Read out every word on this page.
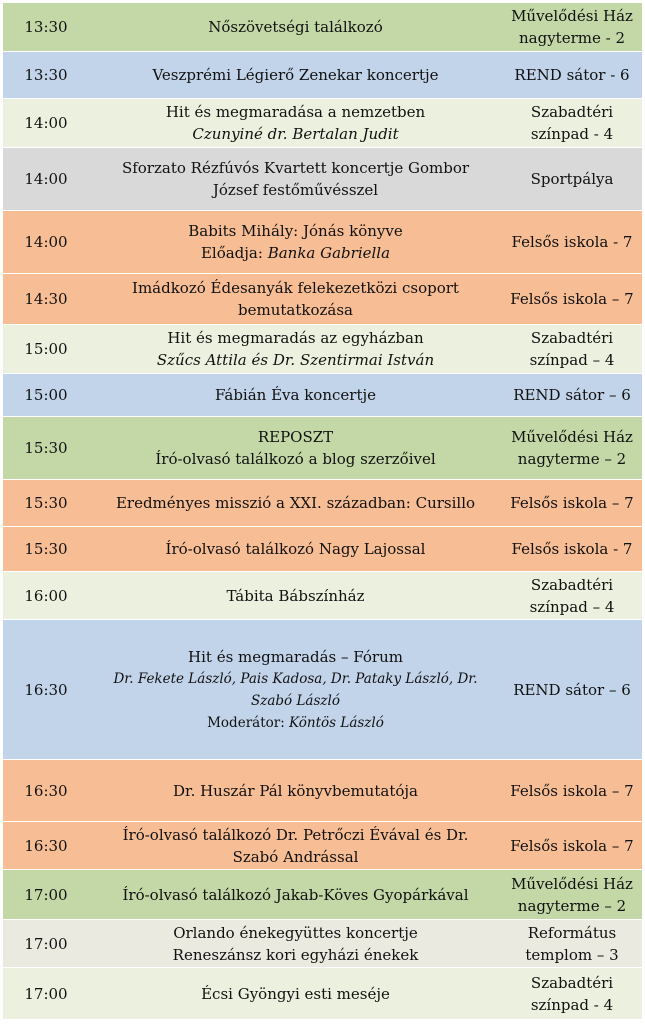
13:30	Nőszövetségi találkozó	Művelődési Ház
nagyterme - 2

13:30	Veszprémi Légierő Zenekar koncertje	REND sátor - 6

14:00	Hit és megmaradása a nemzetben
Czunyiné dr. Bertalan Judit	Szabadtéri
színpad - 4

14:00	Sforzato Rézfúvós Kvartett koncertje Gombor
József festőművésszel	Sportpálya

14:00	Babits Mihály: Jónás könyve
Előadja: Banka Gabriella	Felsős iskola - 7

14:30	Imádkozó Édesanyák felekezetközi csoport
bemutatkozása	Felsős iskola – 7

15:00	Hit és megmaradás az egyházban
Szűcs Attila és Dr. Szentirmai István	Szabadtéri
színpad – 4

15:00	Fábián Éva koncertje	REND sátor – 6

15:30	REPOSZT
Író-olvasó találkozó a blog szerzőivel	Művelődési Ház
nagyterme – 2

15:30	Eredményes misszió a XXI. században: Cursillo	Felsős iskola – 7

15:30	Író-olvasó találkozó Nagy Lajossal	Felsős iskola - 7

16:00	Tábita Bábszínház	Szabadtéri
színpad – 4

16:30	Hit és megmaradás – Fórum
Dr. Fekete László, Pais Kadosa, Dr. Pataky László, Dr.
Szabó László
Moderátor: Köntös László	REND sátor – 6

16:30	Dr. Huszár Pál könyvbemutatója	Felsős iskola – 7

16:30	Író-olvasó találkozó Dr. Petrőczi Évával és Dr.
Szabó Andrással	Felsős iskola – 7

17:00	Író-olvasó találkozó Jakab-Köves Gyopárkával	Művelődési Ház
nagyterme – 2

17:00	Orlando énekegyüttes koncertje
Reneszánsz kori egyházi énekek	Református
templom – 3

17:00	Écsi Gyöngyi esti meséje	Szabadtéri
színpad - 4
